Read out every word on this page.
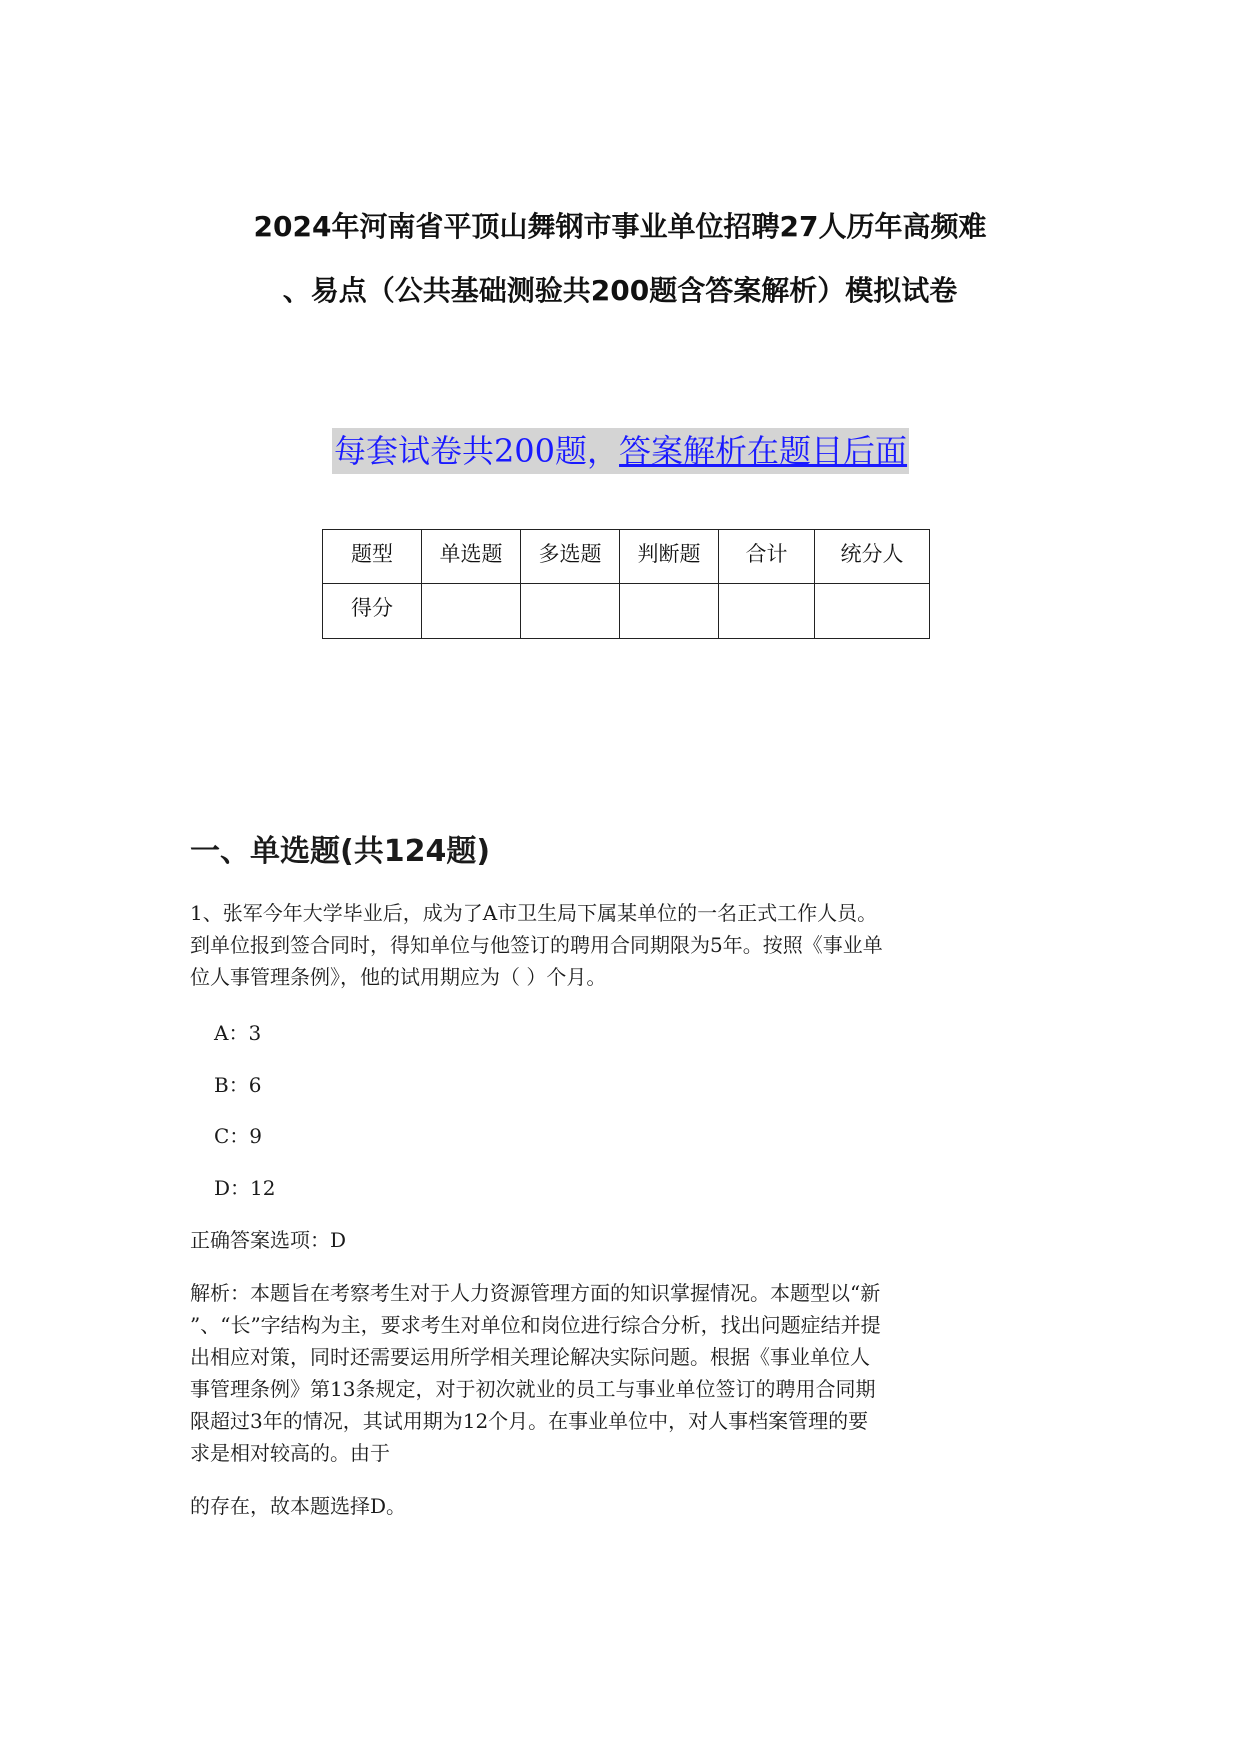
2024年河南省平顶山舞钢市事业单位招聘27人历年高频难
、易点（公共基础测验共200题含答案解析）模拟试卷
每套试卷共200题，答案解析在题目后面
题型	单选题	多选题	判断题	合计	统分人
得分					
一、单选题(共124题)
1、张军今年大学毕业后，成为了A市卫生局下属某单位的一名正式工作人员。
到单位报到签合同时，得知单位与他签订的聘用合同期限为5年。按照《事业单
位人事管理条例》，他的试用期应为（ ）个月。
A：3
B：6
C：9
D：12
正确答案选项：D
解析：本题旨在考察考生对于人力资源管理方面的知识掌握情况。本题型以“新
”、“长”字结构为主，要求考生对单位和岗位进行综合分析，找出问题症结并提
出相应对策，同时还需要运用所学相关理论解决实际问题。根据《事业单位人
事管理条例》第13条规定，对于初次就业的员工与事业单位签订的聘用合同期
限超过3年的情况，其试用期为12个月。在事业单位中，对人事档案管理的要
求是相对较高的。由于
的存在，故本题选择D。
